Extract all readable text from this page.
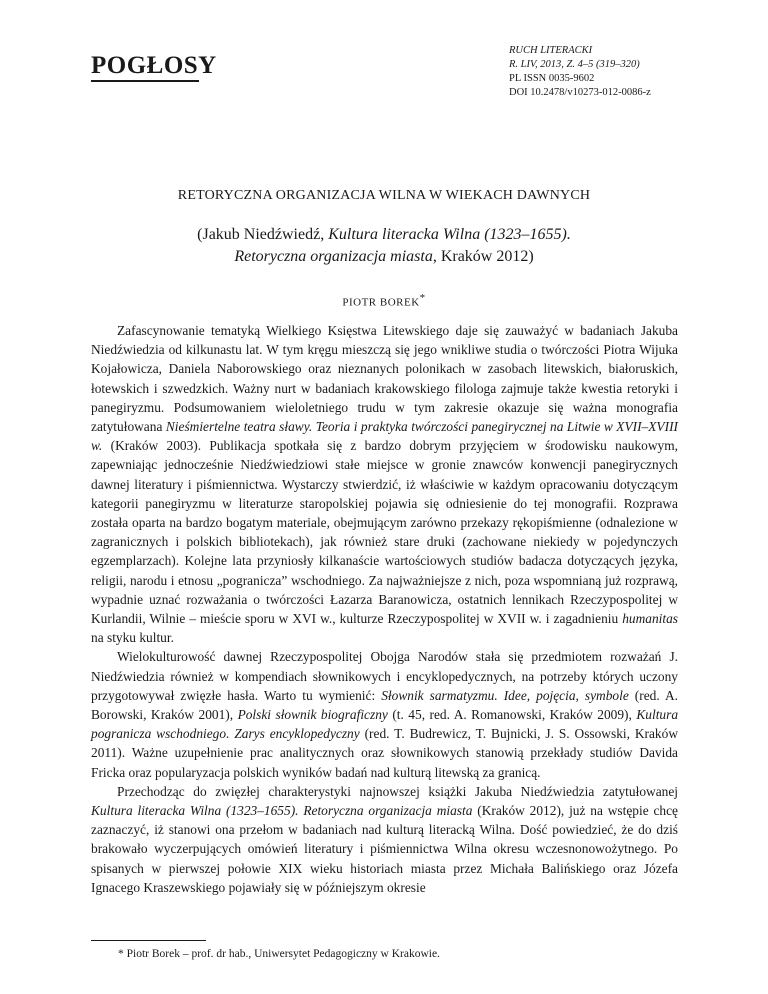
POGŁOSY
RUCH LITERACKI
R. LIV, 2013, Z. 4–5 (319–320)
PL ISSN 0035-9602
DOI 10.2478/v10273-012-0086-z
RETORYCZNA ORGANIZACJA WILNA W WIEKACH DAWNYCH
(Jakub Niedźwiedź, Kultura literacka Wilna (1323–1655).
Retoryczna organizacja miasta, Kraków 2012)
PIOTR BOREK*

Zafascynowanie tematyką Wielkiego Księstwa Litewskiego daje się zauważyć w badaniach Jakuba Niedźwiedzia od kilkunastu lat. W tym kręgu mieszczą się jego wnikliwe studia o twórczości Piotra Wijuka Kojałowicza, Daniela Naborowskiego oraz nieznanych polonikach w zasobach litewskich, białoruskich, łotewskich i szwedzkich. Ważny nurt w badaniach krakowskiego filologa zajmuje także kwestia retoryki i panegiryzmu. Podsumowaniem wieloletniego trudu w tym zakresie okazuje się ważna monografia zatytułowana Nieśmiertelne teatra sławy. Teoria i praktyka twórczości panegirycznej na Litwie w XVII–XVIII w. (Kraków 2003). Publikacja spotkała się z bardzo dobrym przyjęciem w środowisku naukowym, zapewniając jednocześnie Niedźwiedziowi stałe miejsce w gronie znawców konwencji panegirycznych dawnej literatury i piśmiennictwa. Wystarczy stwierdzić, iż właściwie w każdym opracowaniu dotyczącym kategorii panegiryzmu w literaturze staropolskiej pojawia się odniesienie do tej monografii. Rozprawa została oparta na bardzo bogatym materiale, obejmującym zarówno przekazy rękopiśmienne (odnalezione w zagranicznych i polskich bibliotekach), jak również stare druki (zachowane niekiedy w pojedynczych egzemplarzach). Kolejne lata przyniosły kilkanaście wartościowych studiów badacza dotyczących języka, religii, narodu i etnosu „pogranicza” wschodniego. Za najważniejsze z nich, poza wspomnianą już rozprawą, wypadnie uznać rozważania o twórczości Łazarza Baranowicza, ostatnich lennikach Rzeczypospolitej w Kurlandii, Wilnie – mieście sporu w XVI w., kulturze Rzeczypospolitej w XVII w. i zagadnieniu humanitas na styku kultur.

Wielokulturowość dawnej Rzeczypospolitej Obojga Narodów stała się przedmiotem rozważań J. Niedźwiedzia również w kompendiach słownikowych i encyklopedycznych, na potrzeby których uczony przygotowywał zwięzłe hasła. Warto tu wymienić: Słownik sarmatyzmu. Idee, pojęcia, symbole (red. A. Borowski, Kraków 2001), Polski słownik biograficzny (t. 45, red. A. Romanowski, Kraków 2009), Kultura pogranicza wschodniego. Zarys encyklopedyczny (red. T. Budrewicz, T. Bujnicki, J. S. Ossowski, Kraków 2011). Ważne uzupełnienie prac analitycznych oraz słownikowych stanowią przekłady studiów Davida Fricka oraz popularyzacja polskich wyników badań nad kulturą litewską za granicą.

Przechodząc do zwięzłej charakterystyki najnowszej książki Jakuba Niedźwiedzia zatytułowanej Kultura literacka Wilna (1323–1655). Retoryczna organizacja miasta (Kraków 2012), już na wstępie chcę zaznaczyć, iż stanowi ona przełom w badaniach nad kulturą literacką Wilna. Dość powiedzieć, że do dziś brakowało wyczerpujących omówień literatury i piśmiennictwa Wilna okresu wczesnonowożytnego. Po spisanych w pierwszej połowie XIX wieku historiach miasta przez Michała Balińskiego oraz Józefa Ignacego Kraszewskiego pojawiały się w późniejszym okresie

* Piotr Borek – prof. dr hab., Uniwersytet Pedagogiczny w Krakowie.
